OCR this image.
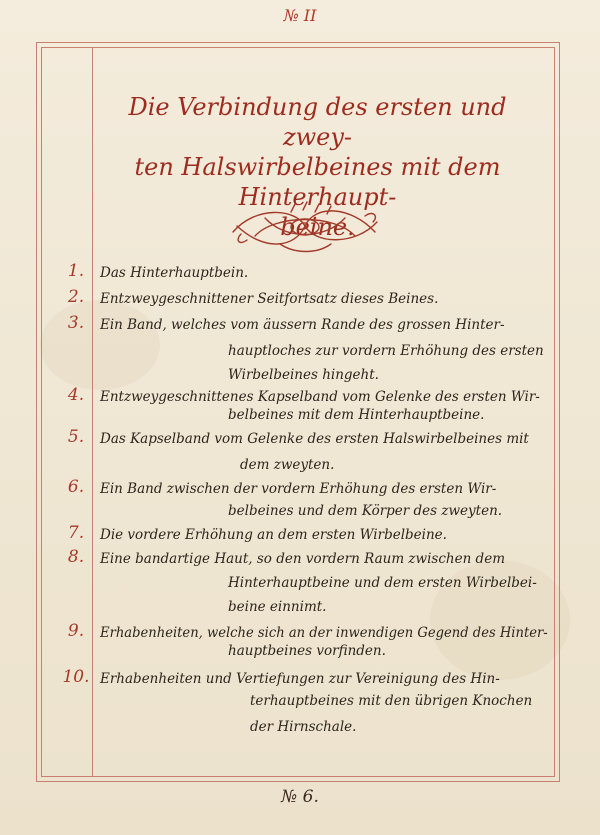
№ II
Die Verbindung des ersten und zwey-
ten Halswirbelbeines mit dem Hinterhaupt-
beine.
1.	Das Hinterhauptbein.
2.	Entzweygeschnittener Seitfortsatz dieses Beines.
3.	Ein Band, welches vom äussern Rande des grossen Hinter-
hauptloches zur vordern Erhöhung des ersten
Wirbelbeines hingeht.
4.	Entzweygeschnittenes Kapselband vom Gelenke des ersten Wir-
belbeines mit dem Hinterhauptbeine.
5.	Das Kapselband vom Gelenke des ersten Halswirbelbeines mit
dem zweyten.
6.	Ein Band zwischen der vordern Erhöhung des ersten Wir-
belbeines und dem Körper des zweyten.
7.	Die vordere Erhöhung an dem ersten Wirbelbeine.
8.	Eine bandartige Haut, so den vordern Raum zwischen dem
Hinterhauptbeine und dem ersten Wirbelbei-
beine einnimt.
9.	Erhabenheiten, welche sich an der inwendigen Gegend des Hinter-
hauptbeines vorfinden.
10. Erhabenheiten und Vertiefungen zur Vereinigung des Hin-
terhauptbeines mit den übrigen Knochen
der Hirnschale.
№ 6.
